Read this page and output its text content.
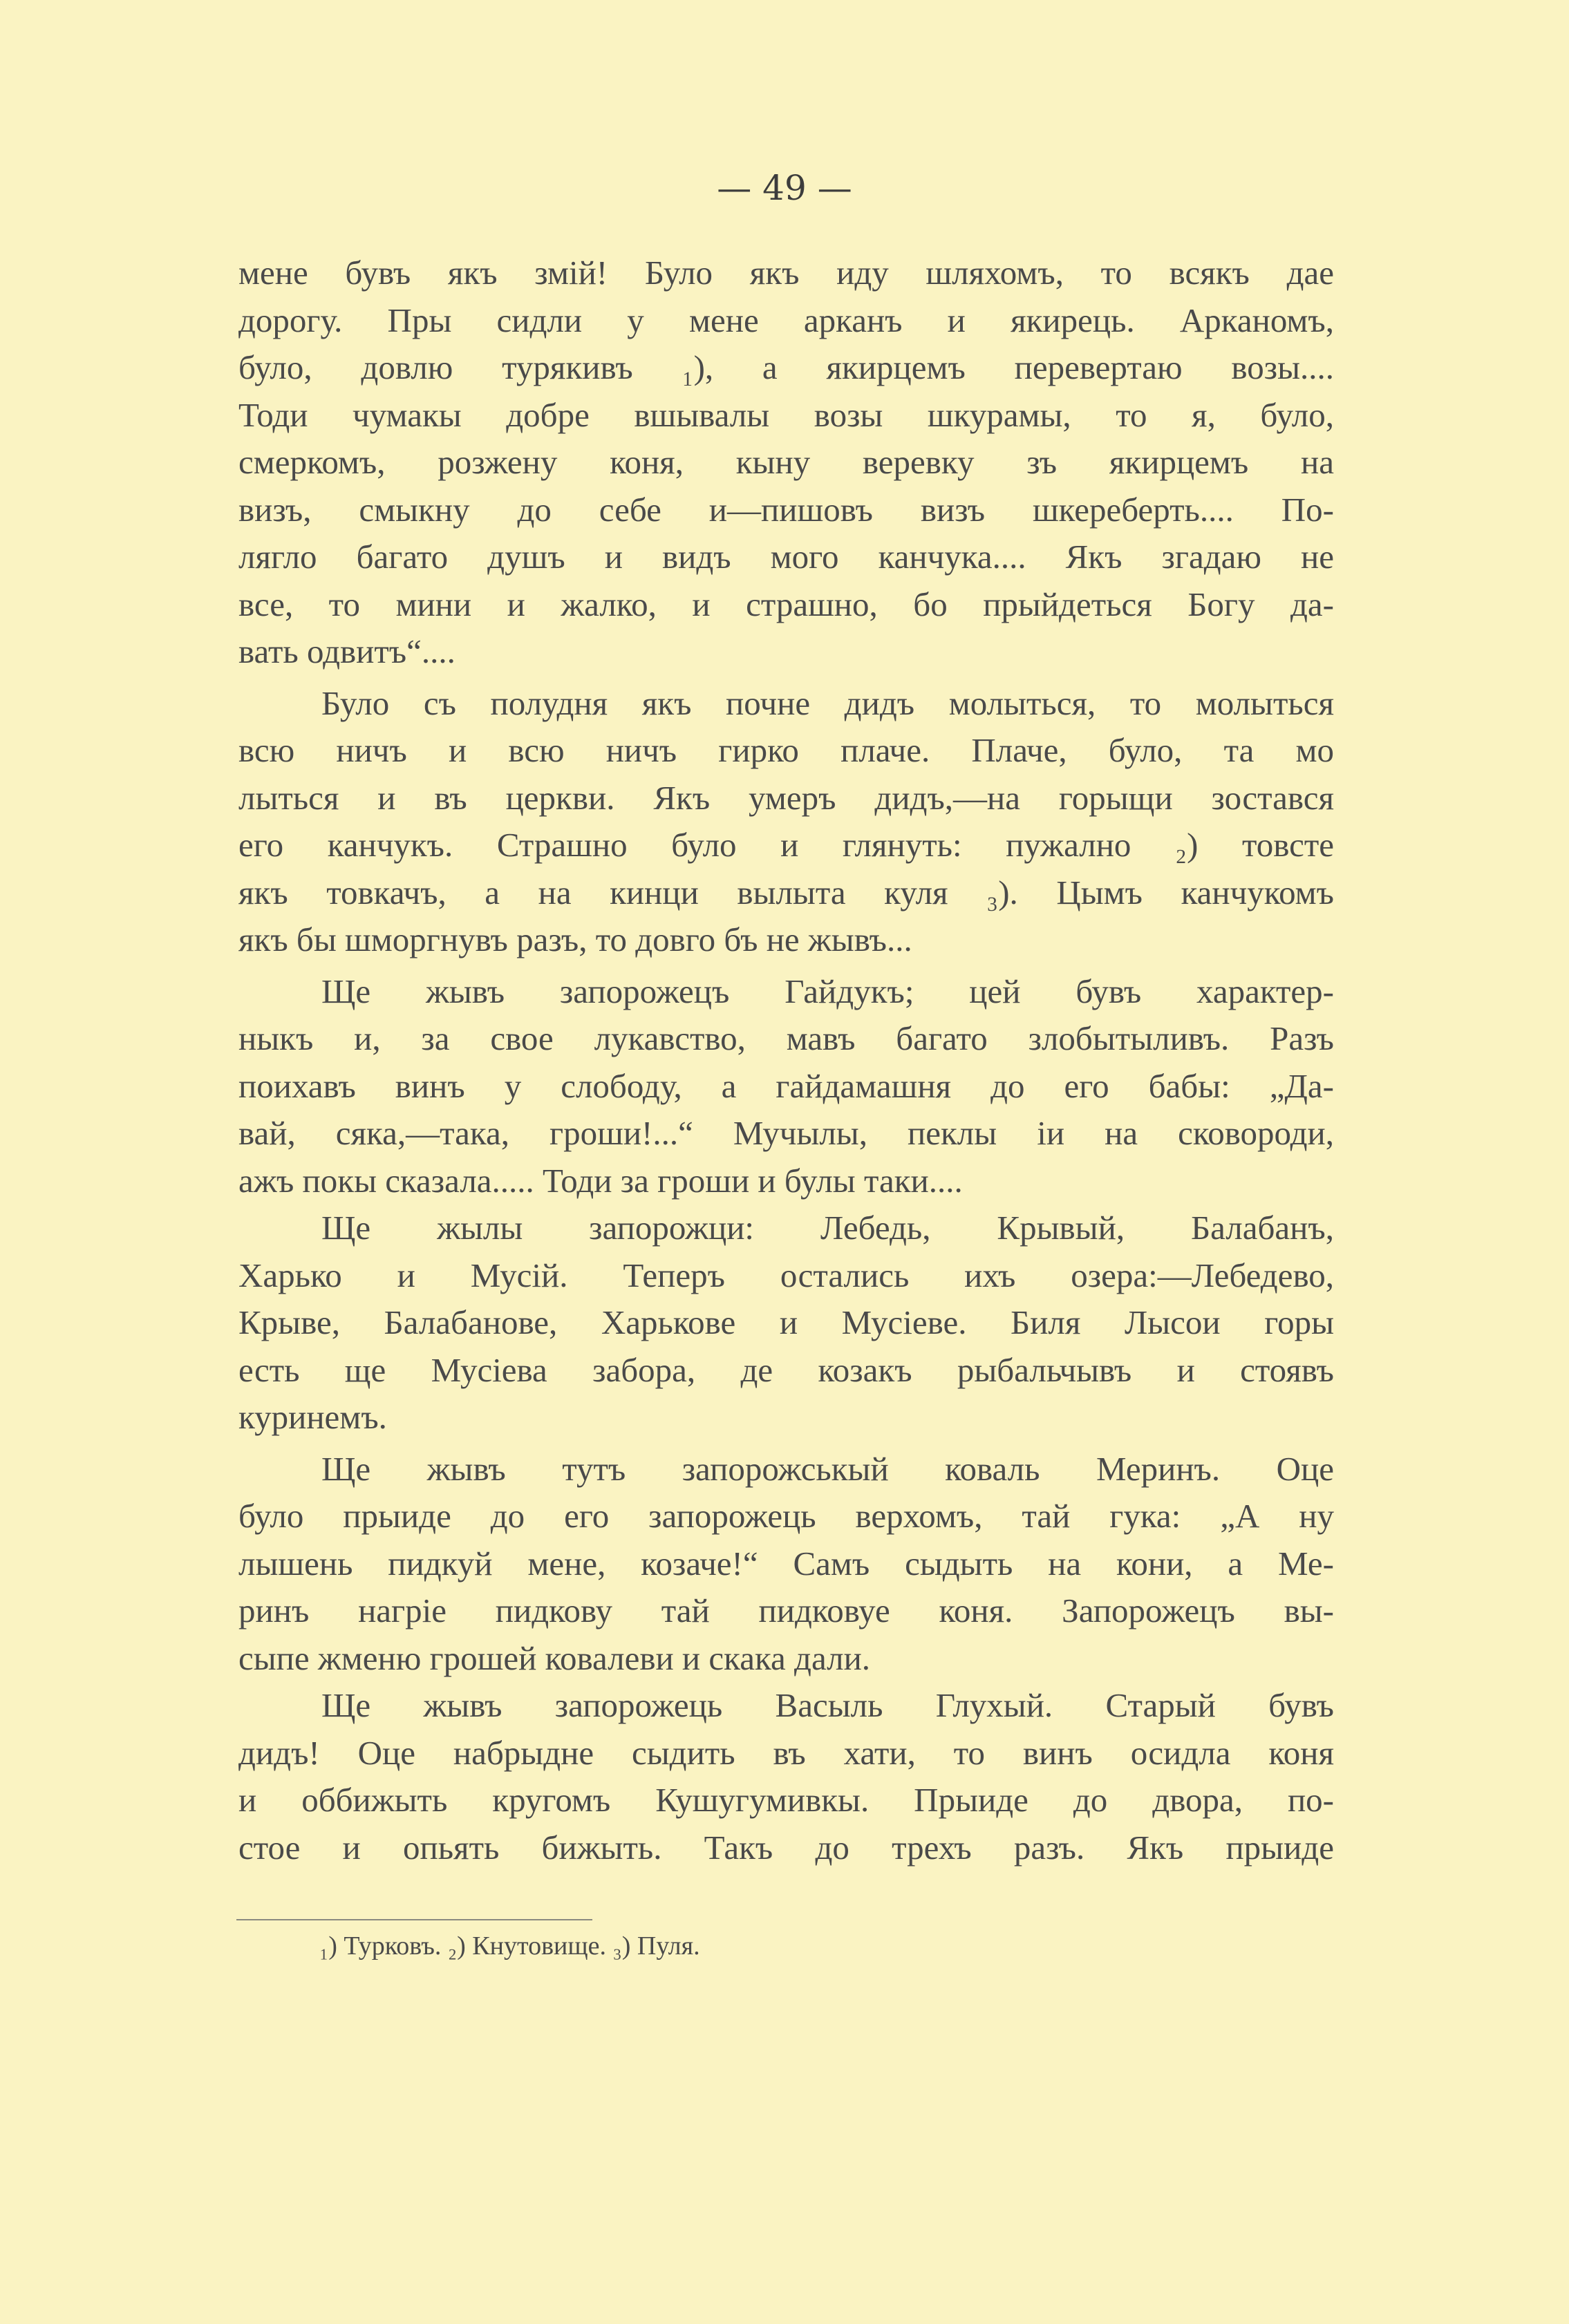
— 49 —
мене бувъ якъ змій! Було якъ иду шляхомъ, то всякъ дае
дорогу. Пры сидли у мене арканъ и якирець. Арканомъ,
було, довлю турякивъ ₁), а якирцемъ перевертаю возы....
Тоди чумакы добре вшывалы возы шкурамы, то я, було,
смеркомъ, розжену коня, кыну веревку зъ якирцемъ на
визъ, смыкну до себе и—пишовъ визъ шкереберть.... По-
лягло багато душъ и видъ мого канчука.... Якъ згадаю не
все, то мини и жалко, и страшно, бо прыйдеться Богу да-
вать одвитъ“....
Було съ полудня якъ почне дидъ молыться, то молыться
всю ничъ и всю ничъ гирко плаче. Плаче, було, та мо
лыться и въ церкви. Якъ умеръ дидъ,—на горыщи зостався
его канчукъ. Страшно було и глянуть: пужално ₂) товсте
якъ товкачъ, а на кинци вылыта куля ₃). Цымъ канчукомъ
якъ бы шморгнувъ разъ, то довго бъ не жывъ...
Ще жывъ запорожецъ Гайдукъ; цей бувъ характер-
ныкъ и, за свое лукавство, мавъ багато злобытыливъ. Разъ
поихавъ винъ у слободу, а гайдамашня до его бабы: „Да-
вай, сяка,—така, гроши!...“ Мучылы, пеклы іи на сковороди,
ажъ покы сказала..... Тоди за гроши и булы таки....
Ще жылы запорожци: Лебедь, Крывый, Балабанъ,
Харько и Мусій. Теперъ остались ихъ озера:—Лебедево,
Крыве, Балабанове, Харькове и Мусіеве. Биля Лысои горы
есть ще Мусіева забора, де козакъ рыбальчывъ и стоявъ
куринемъ.
Ще жывъ тутъ запорожськый коваль Меринъ. Оце
було прыиде до его запорожець верхомъ, тай гука: „А ну
лышень пидкуй мене, козаче!“ Самъ сыдыть на кони, а Ме-
ринъ нагріе пидкову тай пидковуе коня. Запорожецъ вы-
сыпе жменю грошей ковалеви и скака дали.
Ще жывъ запорожець Васыль Глухый. Старый бувъ
дидъ! Оце набрыдне сыдить въ хати, то винъ осидла коня
и оббижыть кругомъ Кушугумивкы. Прыиде до двора, по-
стое и опьять бижыть. Такъ до трехъ разъ. Якъ прыиде
₁) Турковъ. ₂) Кнутовище. ₃) Пуля.
